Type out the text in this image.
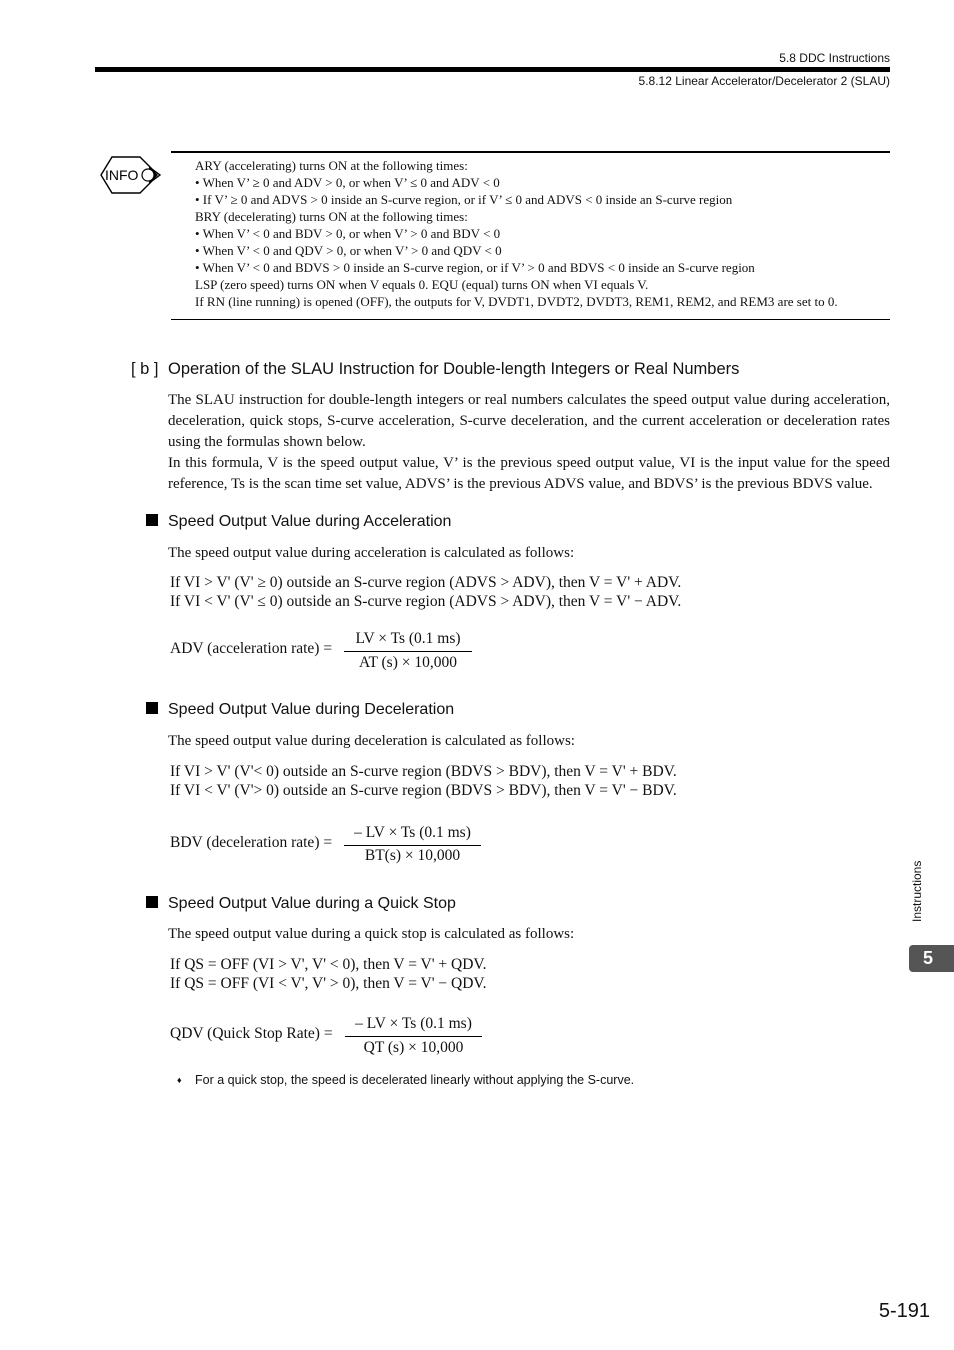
5.8 DDC Instructions
5.8.12 Linear Accelerator/Decelerator 2 (SLAU)
INFO
ARY (accelerating) turns ON at the following times:
• When V’ ≥ 0 and ADV > 0, or when V’ ≤ 0 and ADV < 0
• If V’ ≥ 0 and ADVS > 0 inside an S-curve region, or if V’ ≤ 0 and ADVS < 0 inside an S-curve region
BRY (decelerating) turns ON at the following times:
• When V’ < 0 and BDV > 0, or when V’ > 0 and BDV < 0
• When V’ < 0 and QDV > 0, or when V’ > 0 and QDV < 0
• When V’ < 0 and BDVS > 0 inside an S-curve region, or if V’ > 0 and BDVS < 0 inside an S-curve region
LSP (zero speed) turns ON when V equals 0. EQU (equal) turns ON when VI equals V.
If RN (line running) is opened (OFF), the outputs for V, DVDT1, DVDT2, DVDT3, REM1, REM2, and REM3 are set to 0.
[ b ] Operation of the SLAU Instruction for Double-length Integers or Real Numbers

The SLAU instruction for double-length integers or real numbers calculates the speed output value during acceleration, deceleration, quick stops, S-curve acceleration, S-curve deceleration, and the current acceleration or deceleration rates using the formulas shown below.

In this formula, V is the speed output value, V’ is the previous speed output value, VI is the input value for the speed reference, Ts is the scan time set value, ADVS’ is the previous ADVS value, and BDVS’ is the previous BDVS value.

Speed Output Value during Acceleration
The speed output value during acceleration is calculated as follows:
If VI > V' (V' ≥ 0) outside an S-curve region (ADVS > ADV), then V = V' + ADV.
If VI < V' (V' ≤ 0) outside an S-curve region (ADVS > ADV), then V = V' − ADV.
ADV (acceleration rate) =
LV × Ts (0.1 ms)
AT (s) × 10,000
Speed Output Value during Deceleration
The speed output value during deceleration is calculated as follows:
If VI > V' (V'< 0) outside an S-curve region (BDVS > BDV), then V = V' + BDV.
If VI < V' (V'> 0) outside an S-curve region (BDVS > BDV), then V = V' − BDV.
BDV (deceleration rate) =
– LV × Ts (0.1 ms)
BT(s) × 10,000
Speed Output Value during a Quick Stop
The speed output value during a quick stop is calculated as follows:
If QS = OFF (VI > V', V' < 0), then V = V' + QDV.
If QS = OFF (VI < V', V' > 0), then V = V' − QDV.
QDV (Quick Stop Rate) =
– LV × Ts (0.1 ms)
QT (s) × 10,000
♦ For a quick stop, the speed is decelerated linearly without applying the S-curve.
Instructions
5
5-191
